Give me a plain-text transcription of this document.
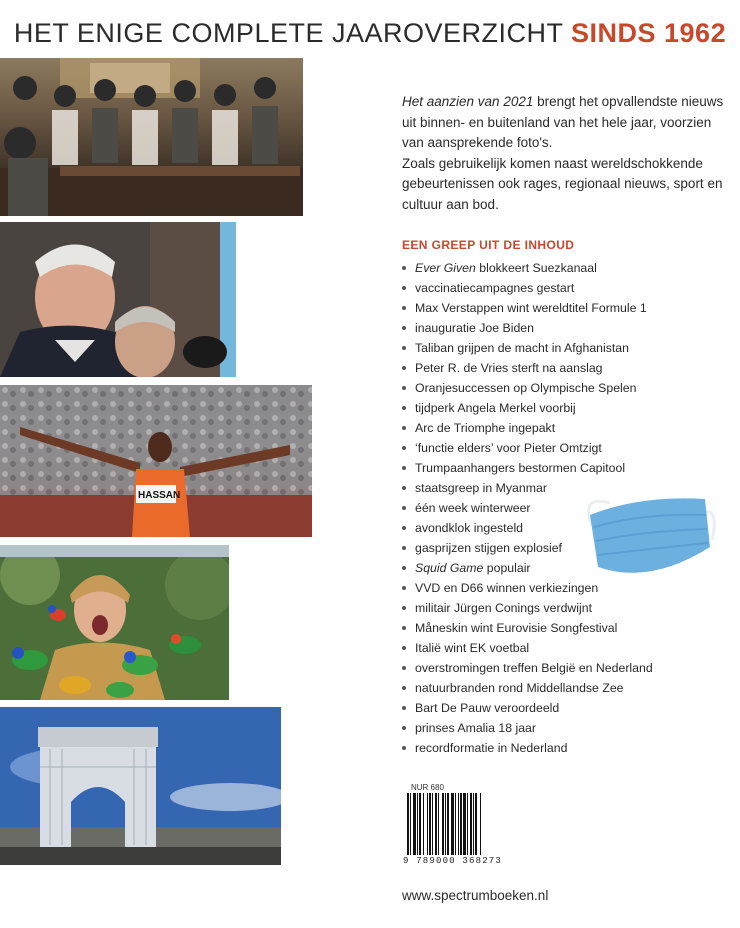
HET ENIGE COMPLETE JAAROVERZICHT SINDS 1962
HASSAN
Het aanzien van 2021 brengt het opvallendste nieuws uit binnen- en buitenland van het hele jaar, voorzien van aansprekende foto's.
Zoals gebruikelijk komen naast wereldschokkende gebeurtenissen ook rages, regionaal nieuws, sport en cultuur aan bod.
EEN GREEP UIT DE INHOUD
Ever Given blokkeert Suezkanaal
vaccinatiecampagnes gestart
Max Verstappen wint wereldtitel Formule 1
inauguratie Joe Biden
Taliban grijpen de macht in Afghanistan
Peter R. de Vries sterft na aanslag
Oranjesuccessen op Olympische Spelen
tijdperk Angela Merkel voorbij
Arc de Triomphe ingepakt
‘functie elders’ voor Pieter Omtzigt
Trumpaanhangers bestormen Capitool
staatsgreep in Myanmar
één week winterweer
avondklok ingesteld
gasprijzen stijgen explosief
Squid Game populair
VVD en D66 winnen verkiezingen
militair Jürgen Conings verdwijnt
Måneskin wint Eurovisie Songfestival
Italië wint EK voetbal
overstromingen treffen België en Nederland
natuurbranden rond Middellandse Zee
Bart De Pauw veroordeeld
prinses Amalia 18 jaar
recordformatie in Nederland
NUR 680
9 789000 368273
www.spectrumboeken.nl
